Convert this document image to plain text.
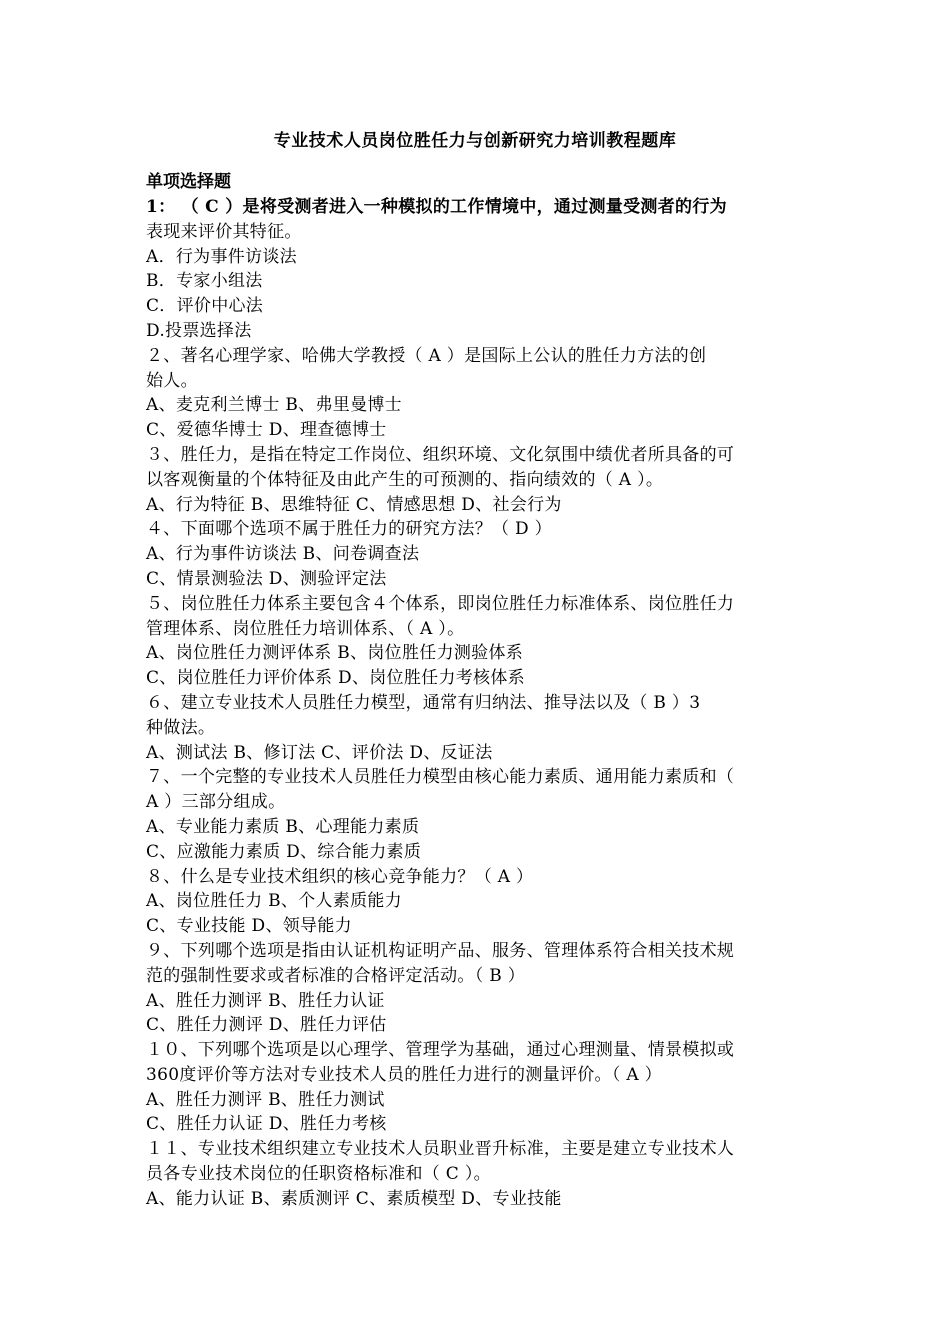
专业技术人员岗位胜任力与创新研究力培训教程题库
单项选择题
1： （ C ）是将受测者进入一种模拟的工作情境中，通过测量受测者的行为
表现来评价其特征。
A．行为事件访谈法
B．专家小组法
C．评价中心法
D.投票选择法
２、著名心理学家、哈佛大学教授（ A ）是国际上公认的胜任力方法的创
始人。
A、麦克利兰博士 B、弗里曼博士
C、爱德华博士 D、理查德博士
３、胜任力，是指在特定工作岗位、组织环境、文化氛围中绩优者所具备的可
以客观衡量的个体特征及由此产生的可预测的、指向绩效的（ A ）。
A、行为特征 B、思维特征 C、情感思想 D、社会行为
４、下面哪个选项不属于胜任力的研究方法？（ D ）
A、行为事件访谈法 B、问卷调查法
C、情景测验法 D、测验评定法
５、岗位胜任力体系主要包含４个体系，即岗位胜任力标准体系、岗位胜任力
管理体系、岗位胜任力培训体系、（ A ）。
A、岗位胜任力测评体系 B、岗位胜任力测验体系
C、岗位胜任力评价体系 D、岗位胜任力考核体系
６、建立专业技术人员胜任力模型，通常有归纳法、推导法以及（ B ）3
种做法。
A、测试法 B、修订法 C、评价法 D、反证法
７、一个完整的专业技术人员胜任力模型由核心能力素质、通用能力素质和（
A ）三部分组成。
A、专业能力素质 B、心理能力素质
C、应激能力素质 D、综合能力素质
８、什么是专业技术组织的核心竞争能力？（ A ）
A、岗位胜任力 B、个人素质能力
C、专业技能 D、领导能力
９、下列哪个选项是指由认证机构证明产品、服务、管理体系符合相关技术规
范的强制性要求或者标准的合格评定活动。（ B ）
A、胜任力测评 B、胜任力认证
C、胜任力测评 D、胜任力评估
１０、下列哪个选项是以心理学、管理学为基础，通过心理测量、情景模拟或
360度评价等方法对专业技术人员的胜任力进行的测量评价。（ A ）
A、胜任力测评 B、胜任力测试
C、胜任力认证 D、胜任力考核
１１、专业技术组织建立专业技术人员职业晋升标准，主要是建立专业技术人
员各专业技术岗位的任职资格标准和（ C ）。
A、能力认证 B、素质测评 C、素质模型 D、专业技能
